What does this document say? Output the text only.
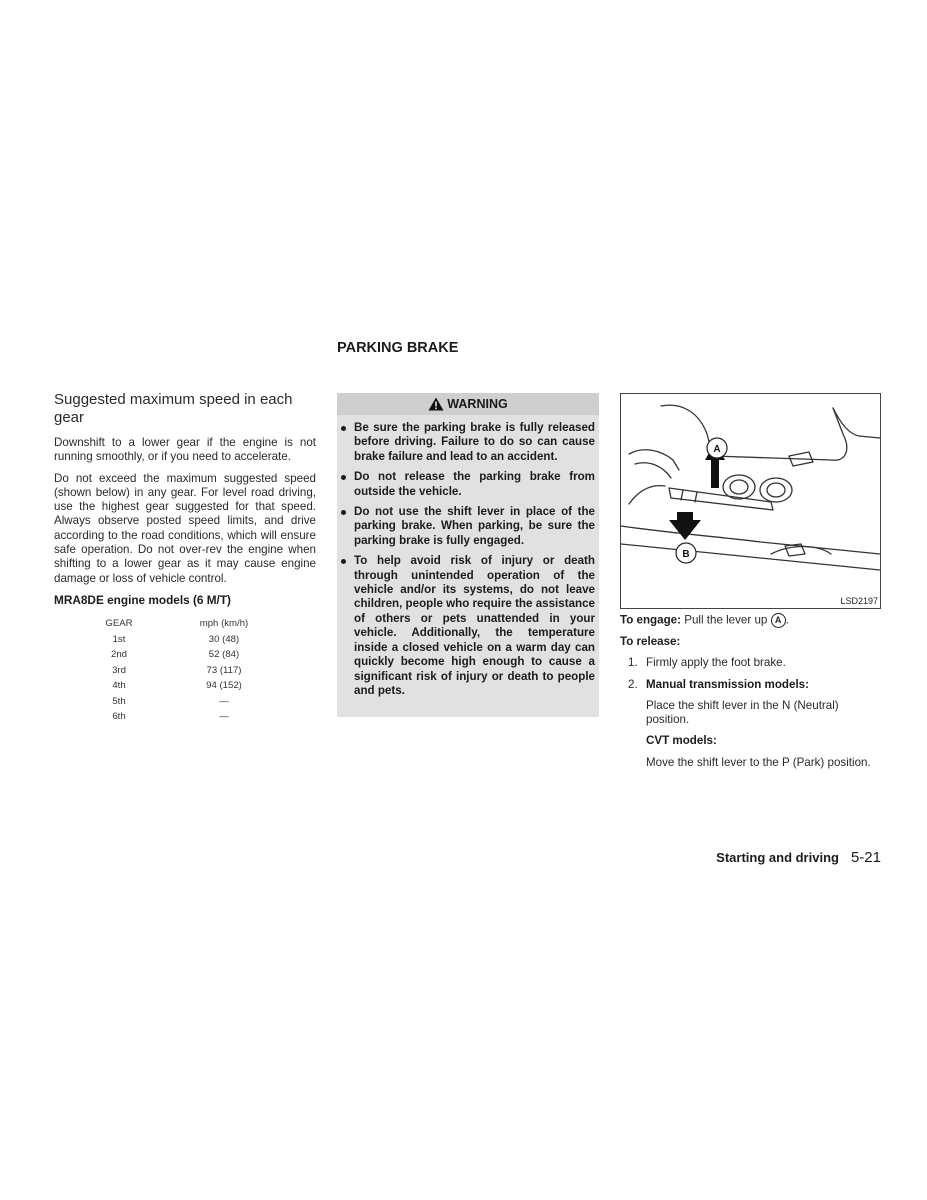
PARKING BRAKE
Suggested maximum speed in each gear

Downshift to a lower gear if the engine is not running smoothly, or if you need to accelerate.

Do not exceed the maximum suggested speed (shown below) in any gear. For level road driving, use the highest gear suggested for that speed. Always observe posted speed limits, and drive according to the road conditions, which will ensure safe operation. Do not over-rev the engine when shifting to a lower gear as it may cause engine damage or loss of vehicle control.

MRA8DE engine models (6 M/T)
GEAR	mph (km/h)
1st	30 (48)
2nd	52 (84)
3rd	73 (117)
4th	94 (152)
5th	—
6th	—
WARNING
Be sure the parking brake is fully released before driving. Failure to do so can cause brake failure and lead to an accident.
Do not release the parking brake from outside the vehicle.
Do not use the shift lever in place of the parking brake. When parking, be sure the parking brake is fully engaged.
To help avoid risk of injury or death through unintended operation of the vehicle and/or its systems, do not leave children, people who require the assistance of others or pets unattended in your vehicle. Additionally, the temperature inside a closed vehicle on a warm day can quickly become high enough to cause a significant risk of injury or death to people and pets.
A
B
LSD2197

To engage: Pull the lever up A .

To release:

1. Firmly apply the foot brake.

2. Manual transmission models:

Place the shift lever in the N (Neutral) position.

CVT models:

Move the shift lever to the P (Park) position.

Starting and driving 5-21
